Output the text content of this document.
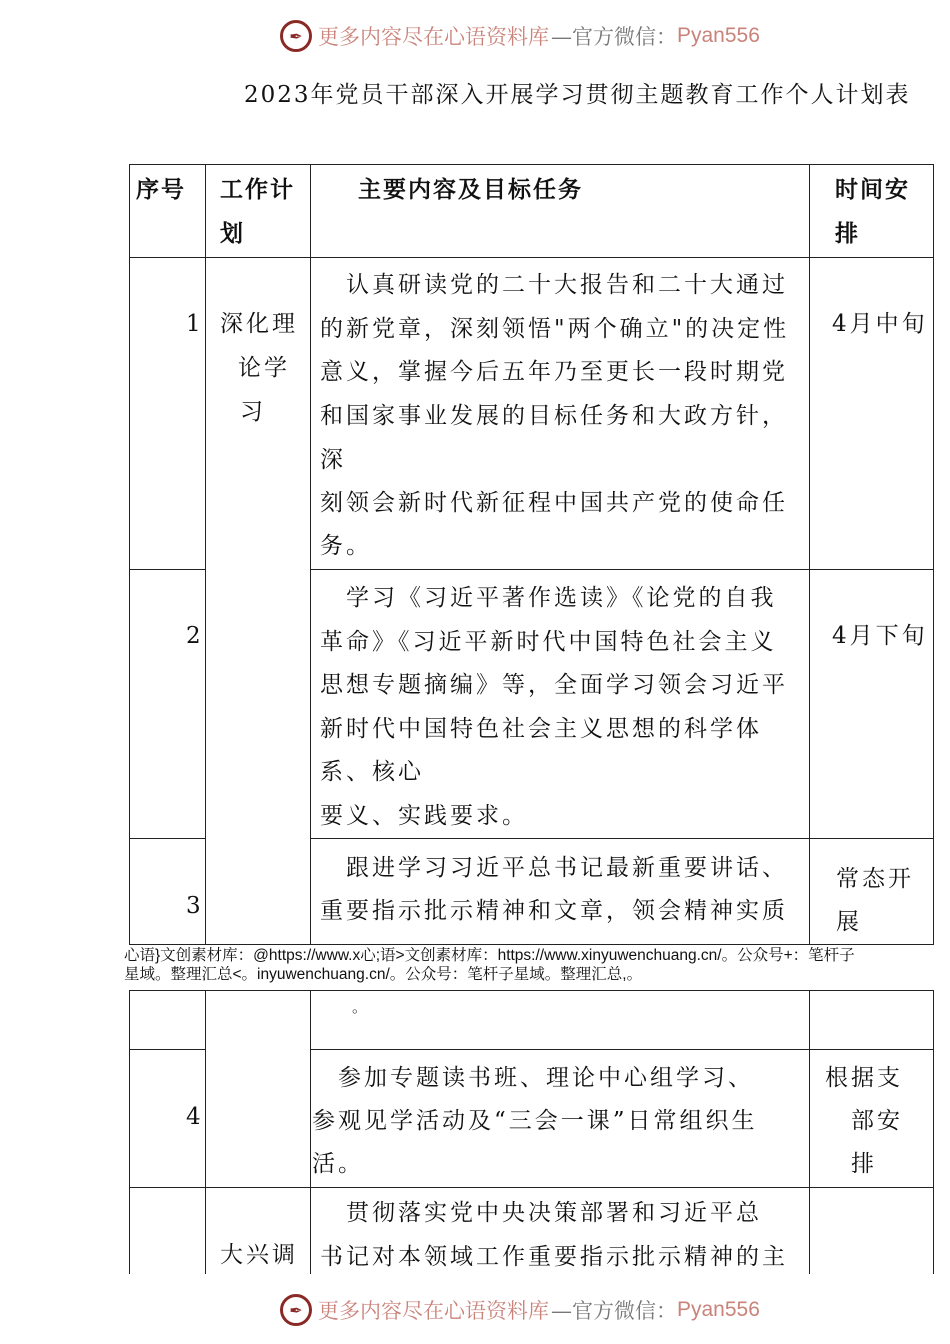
✒ 更多内容尽在心语资料库 —官方微信： Pyan556
2023年党员干部深入开展学习贯彻主题教育工作个人计划表
序号 工作计
划
主要内容及目标任务	时间安
排
1 深化理
论学
习
　认真研读党的二十大报告和二十大通过
的新党章，深刻领悟"两个确立"的决定性
意义，掌握今后五年乃至更长一段时期党
和国家事业发展的目标任务和大政方针，
深
刻领会新时代新征程中国共产党的使命任
务。
4月中旬
2
　学习《习近平著作选读》《论党的自我
革命》《习近平新时代中国特色社会主义
思想专题摘编》等，全面学习领会习近平
新时代中国特色社会主义思想的科学体
系、核心
要义、实践要求。
4月下旬
3
　跟进学习习近平总书记最新重要讲话、
重要指示批示精神和文章，领会精神实质
常态开
展
心语}文创素材库：@https://www.x心;语>文创素材库：https://www.xinyuwenchuang.cn/。公众号+：笔杆子
星域。整理汇总<。inyuwenchuang.cn/。公众号：笔杆子星域。整理汇总,。
。
4
　参加专题读书班、理论中心组学习、
参观见学活动及“三会一课”日常组织生
活。
根据支
　部安
　排
大兴调
　贯彻落实党中央决策部署和习近平总
书记对本领域工作重要指示批示精神的主
✒ 更多内容尽在心语资料库 —官方微信： Pyan556
